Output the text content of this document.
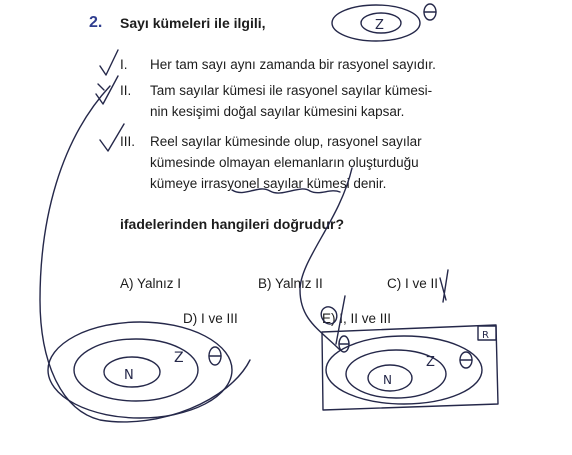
2. Sayı kümeleri ile ilgili,
I. Her tam sayı aynı zamanda bir rasyonel sayıdır.
II. Tam sayılar kümesi ile rasyonel sayılar kümesi-
nin kesişimi doğal sayılar kümesini kapsar.
III. Reel sayılar kümesinde olup, rasyonel sayılar
kümesinde olmayan elemanların oluşturduğu
kümeye irrasyonel sayılar kümesi denir.
ifadelerinden hangileri doğrudur?
A) Yalnız I	B) Yalnız II	C) I ve II
D) I ve III	E) I, II ve III
Z
N
Z
R
N
Z
